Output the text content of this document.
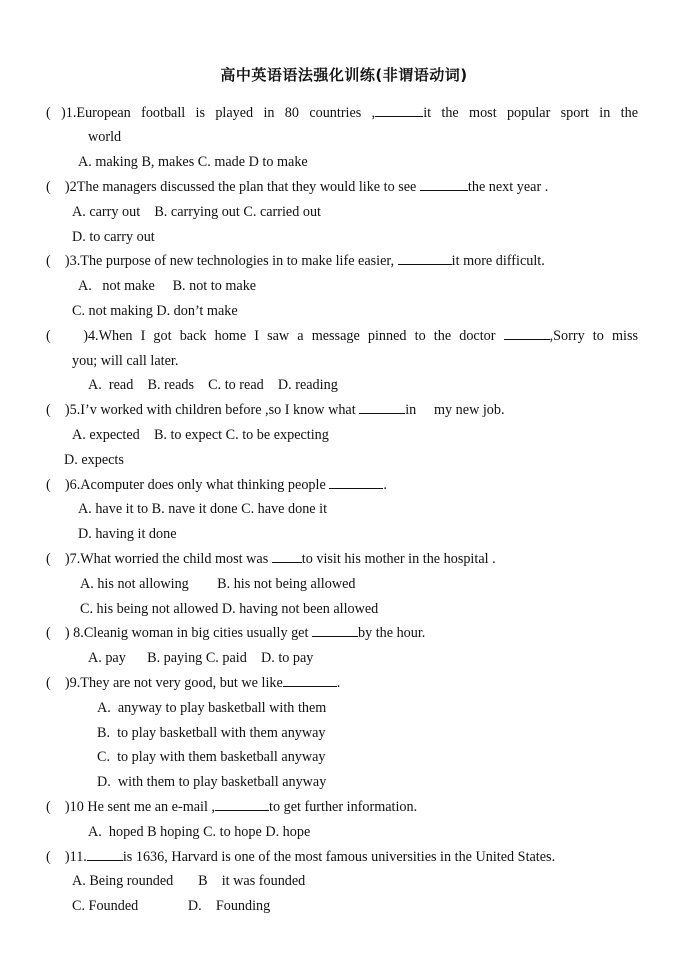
高中英语语法强化训练(非谓语动词)
( )1.European football is played in 80 countries ,	it the most popular sport in the
world
A. making B, makes C. made D to make
(    )2The managers discussed the plan that they would like to see	the next year .
A. carry out    B. carrying out C. carried out
D. to carry out
(    )3.The purpose of new technologies in to make life easier,	it more difficult.
A.   not make     B. not to make
C. not making D. don’t make
(    )4.When I got back home I saw a message pinned to the doctor	,Sorry to miss
you; will call later.
A.  read    B. reads    C. to read    D. reading
(    )5.I’v worked with children before ,so I know what	in     my new job.
A. expected    B. to expect C. to be expecting
D. expects
(    )6.Acomputer does only what thinking people	.
A. have it to B. nave it done C. have done it
D. having it done
(    )7.What worried the child most was to visit his mother in the hospital .
A. his not allowing        B. his not being allowed
C. his being not allowed D. having not been allowed
(    ) 8.Cleanig woman in big cities usually get	by the hour.
A. pay      B. paying C. paid    D. to pay
(    )9.They are not very good, but we like	.
A.  anyway to play basketball with them
B.  to play basketball with them anyway
C.  to play with them basketball anyway
D.  with them to play basketball anyway
(    )10 He sent me an e-mail ,	to get further information.
A.  hoped B hoping C. to hope D. hope
(    )11.	is 1636, Harvard is one of the most famous universities in the United States.
A. Being rounded       B    it was founded
C. Founded              D.    Founding
